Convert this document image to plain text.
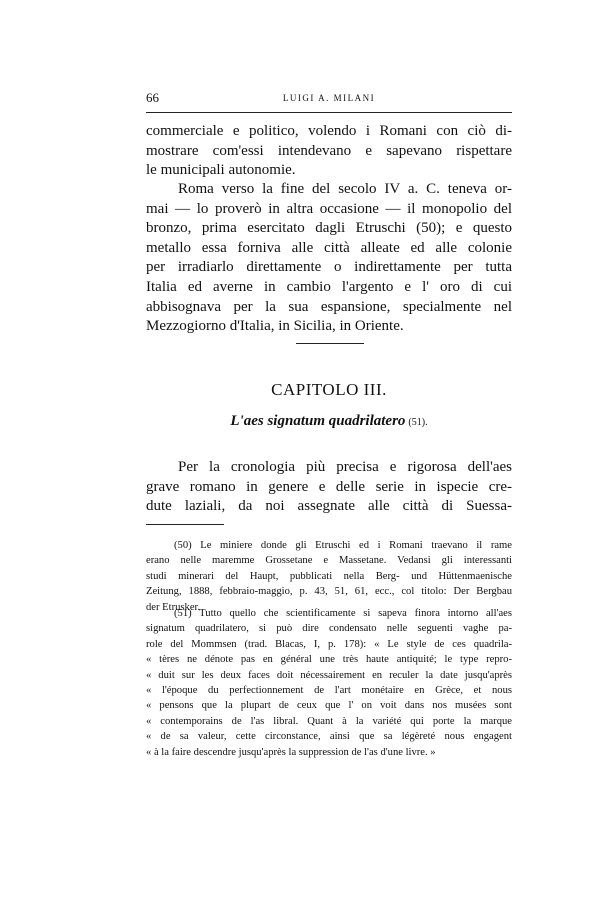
66	LUIGI A. MILANI

commerciale e politico, volendo i Romani con ciò di-
mostrare com'essi intendevano e sapevano rispettare
le municipali autonomie.

Roma verso la fine del secolo IV a. C. teneva or-
mai — lo proverò in altra occasione — il monopolio del
bronzo, prima esercitato dagli Etruschi (50); e questo
metallo essa forniva alle città alleate ed alle colonie
per irradiarlo direttamente o indirettamente per tutta
Italia ed averne in cambio l'argento e l' oro di cui
abbisognava per la sua espansione, specialmente nel
Mezzogiorno d'Italia, in Sicilia, in Oriente.

CAPITOLO III.
L'aes signatum quadrilatero (51).

Per la cronologia più precisa e rigorosa dell'aes
grave romano in genere e delle serie in ispecie cre-
dute laziali, da noi assegnate alle città di Suessa-

(50) Le miniere donde gli Etruschi ed i Romani traevano il rame
erano nelle maremme Grossetane e Massetane. Vedansi gli interessanti
studi minerari del Haupt, pubblicati nella Berg- und Hüttenmaenische
Zeitung, 1888, febbraio-maggio, p. 43, 51, 61, ecc., col titolo: Der Bergbau
der Etrusker.

(51) Tutto quello che scientificamente si sapeva finora intorno all'aes
signatum quadrilatero, si può dire condensato nelle seguenti vaghe pa-
role del Mommsen (trad. Blacas, I, p. 178): « Le style de ces quadrila-
« tères ne dénote pas en général une très haute antiquité; le type repro-
« duit sur les deux faces doit nécessairement en reculer la date jusqu'après
« l'époque du perfectionnement de l'art monétaire en Grèce, et nous
« pensons que la plupart de ceux que l' on voit dans nos musées sont
« contemporains de l'as libral. Quant à la variété qui porte la marque
« de sa valeur, cette circonstance, ainsi que sa légèreté nous engagent
« à la faire descendre jusqu'après la suppression de l'as d'une livre. »
